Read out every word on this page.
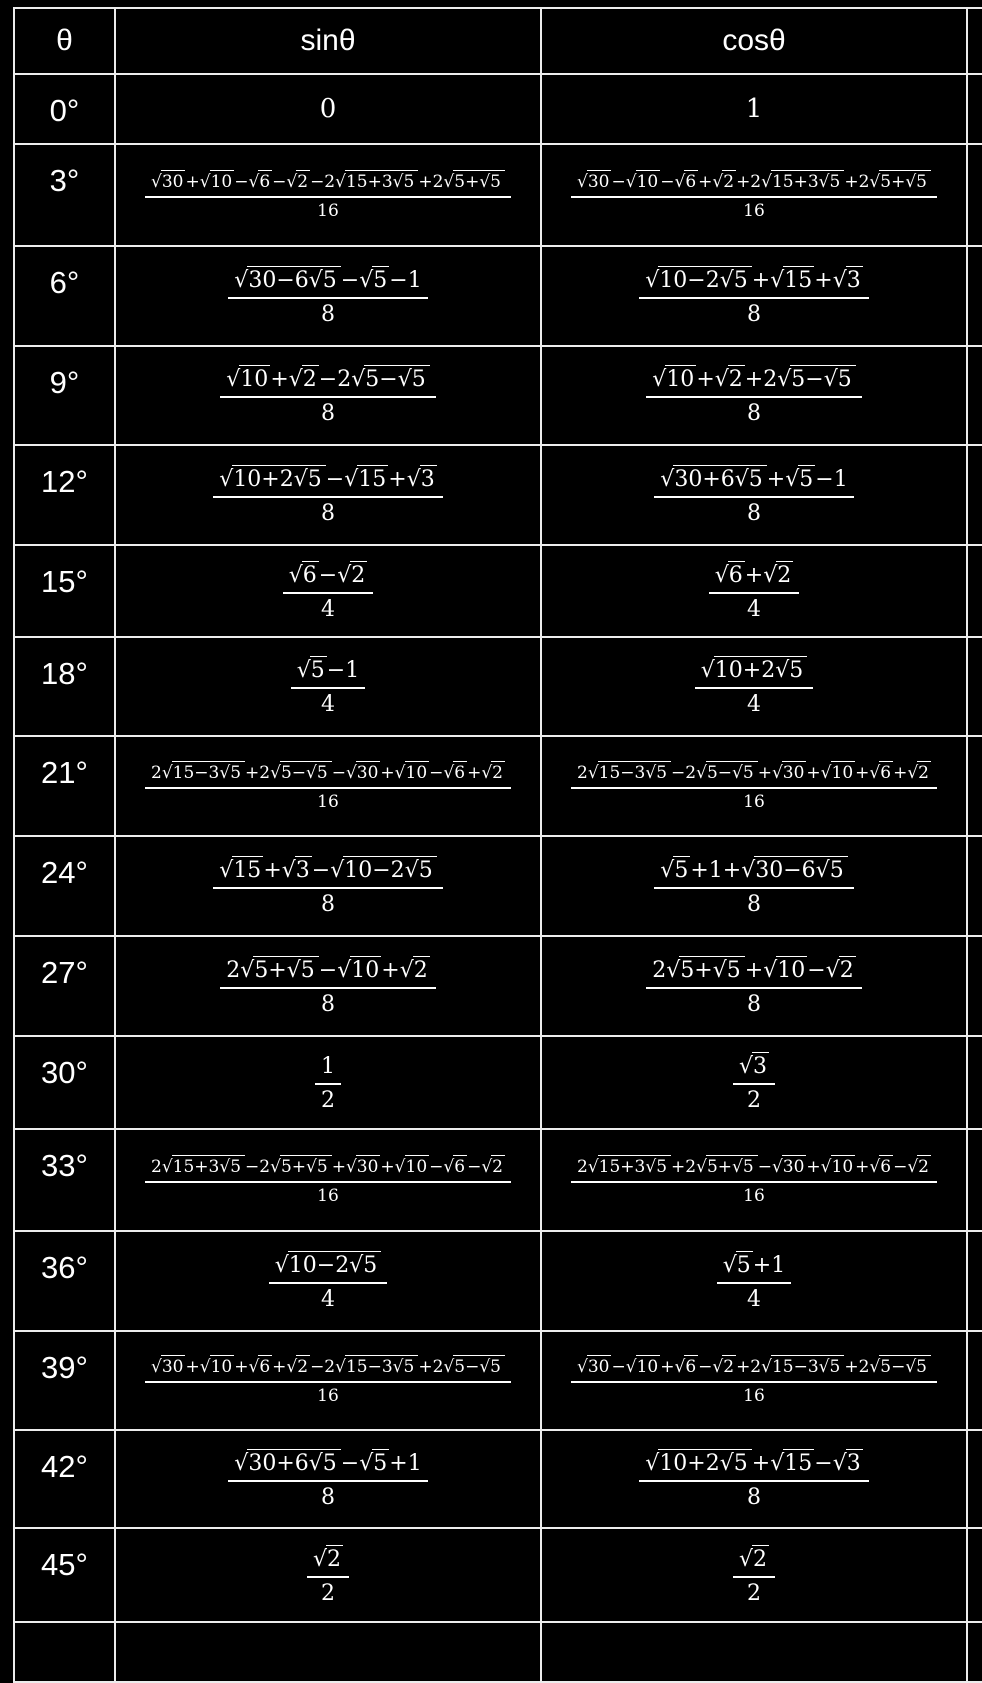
θ	sinθ	cosθ
0°	0	1
3°	$\frac{√30 +√10 -√6 -√2 -2√15+3√5 +2√5+√5}{16}$	$\frac{√30 -√10 -√6 +√2 +2√15+3√5 +2√5+√5}{16}$
6°	$\frac{√30-6√5 -√5-1}{8}$	$\frac{√10-2√5 +√15+√3}{8}$
9°	$\frac{√10+√2-2√5-√5}{8}$	$\frac{√10+√2+2√5-√5}{8}$
12°	$\frac{√10+2√5 -√15+√3}{8}$	$\frac{√30+6√5 +√5-1}{8}$
15°	$\frac{√6-√2}{4}$	$\frac{√6+√2}{4}$
18°	$\frac{√5-1}{4}$	$\frac{√10+2√5}{4}$
21°	$\frac{2√15-3√5 +2√5-√5 -√30 +√10 -√6 +√2}{16}$	$\frac{2√15-3√5 -2√5-√5 +√30 +√10 +√6 +√2}{16}$
24°	$\frac{√15+√3-√10-2√5}{8}$	$\frac{√5+1+√30-6√5}{8}$
27°	$\frac{2√5+√5 -√10+√2}{8}$	$\frac{2√5+√5 +√10-√2}{8}$
30°	$\frac{1}{2}$	$\frac{√3}{2}$
33°	$\frac{2√15+3√5 -2√5+√5 +√30 +√10 -√6 -√2}{16}$	$\frac{2√15+3√5 +2√5+√5 -√30 +√10 +√6 -√2}{16}$
36°	$\frac{√10-2√5}{4}$	$\frac{√5+1}{4}$
39°	$\frac{√30 +√10 +√6 +√2 -2√15-3√5 +2√5-√5}{16}$	$\frac{√30 -√10 +√6 -√2 +2√15-3√5 +2√5-√5}{16}$
42°	$\frac{√30+6√5 -√5+1}{8}$	$\frac{√10+2√5 +√15-√3}{8}$
45°	$\frac{√2}{2}$	$\frac{√2}{2}$
